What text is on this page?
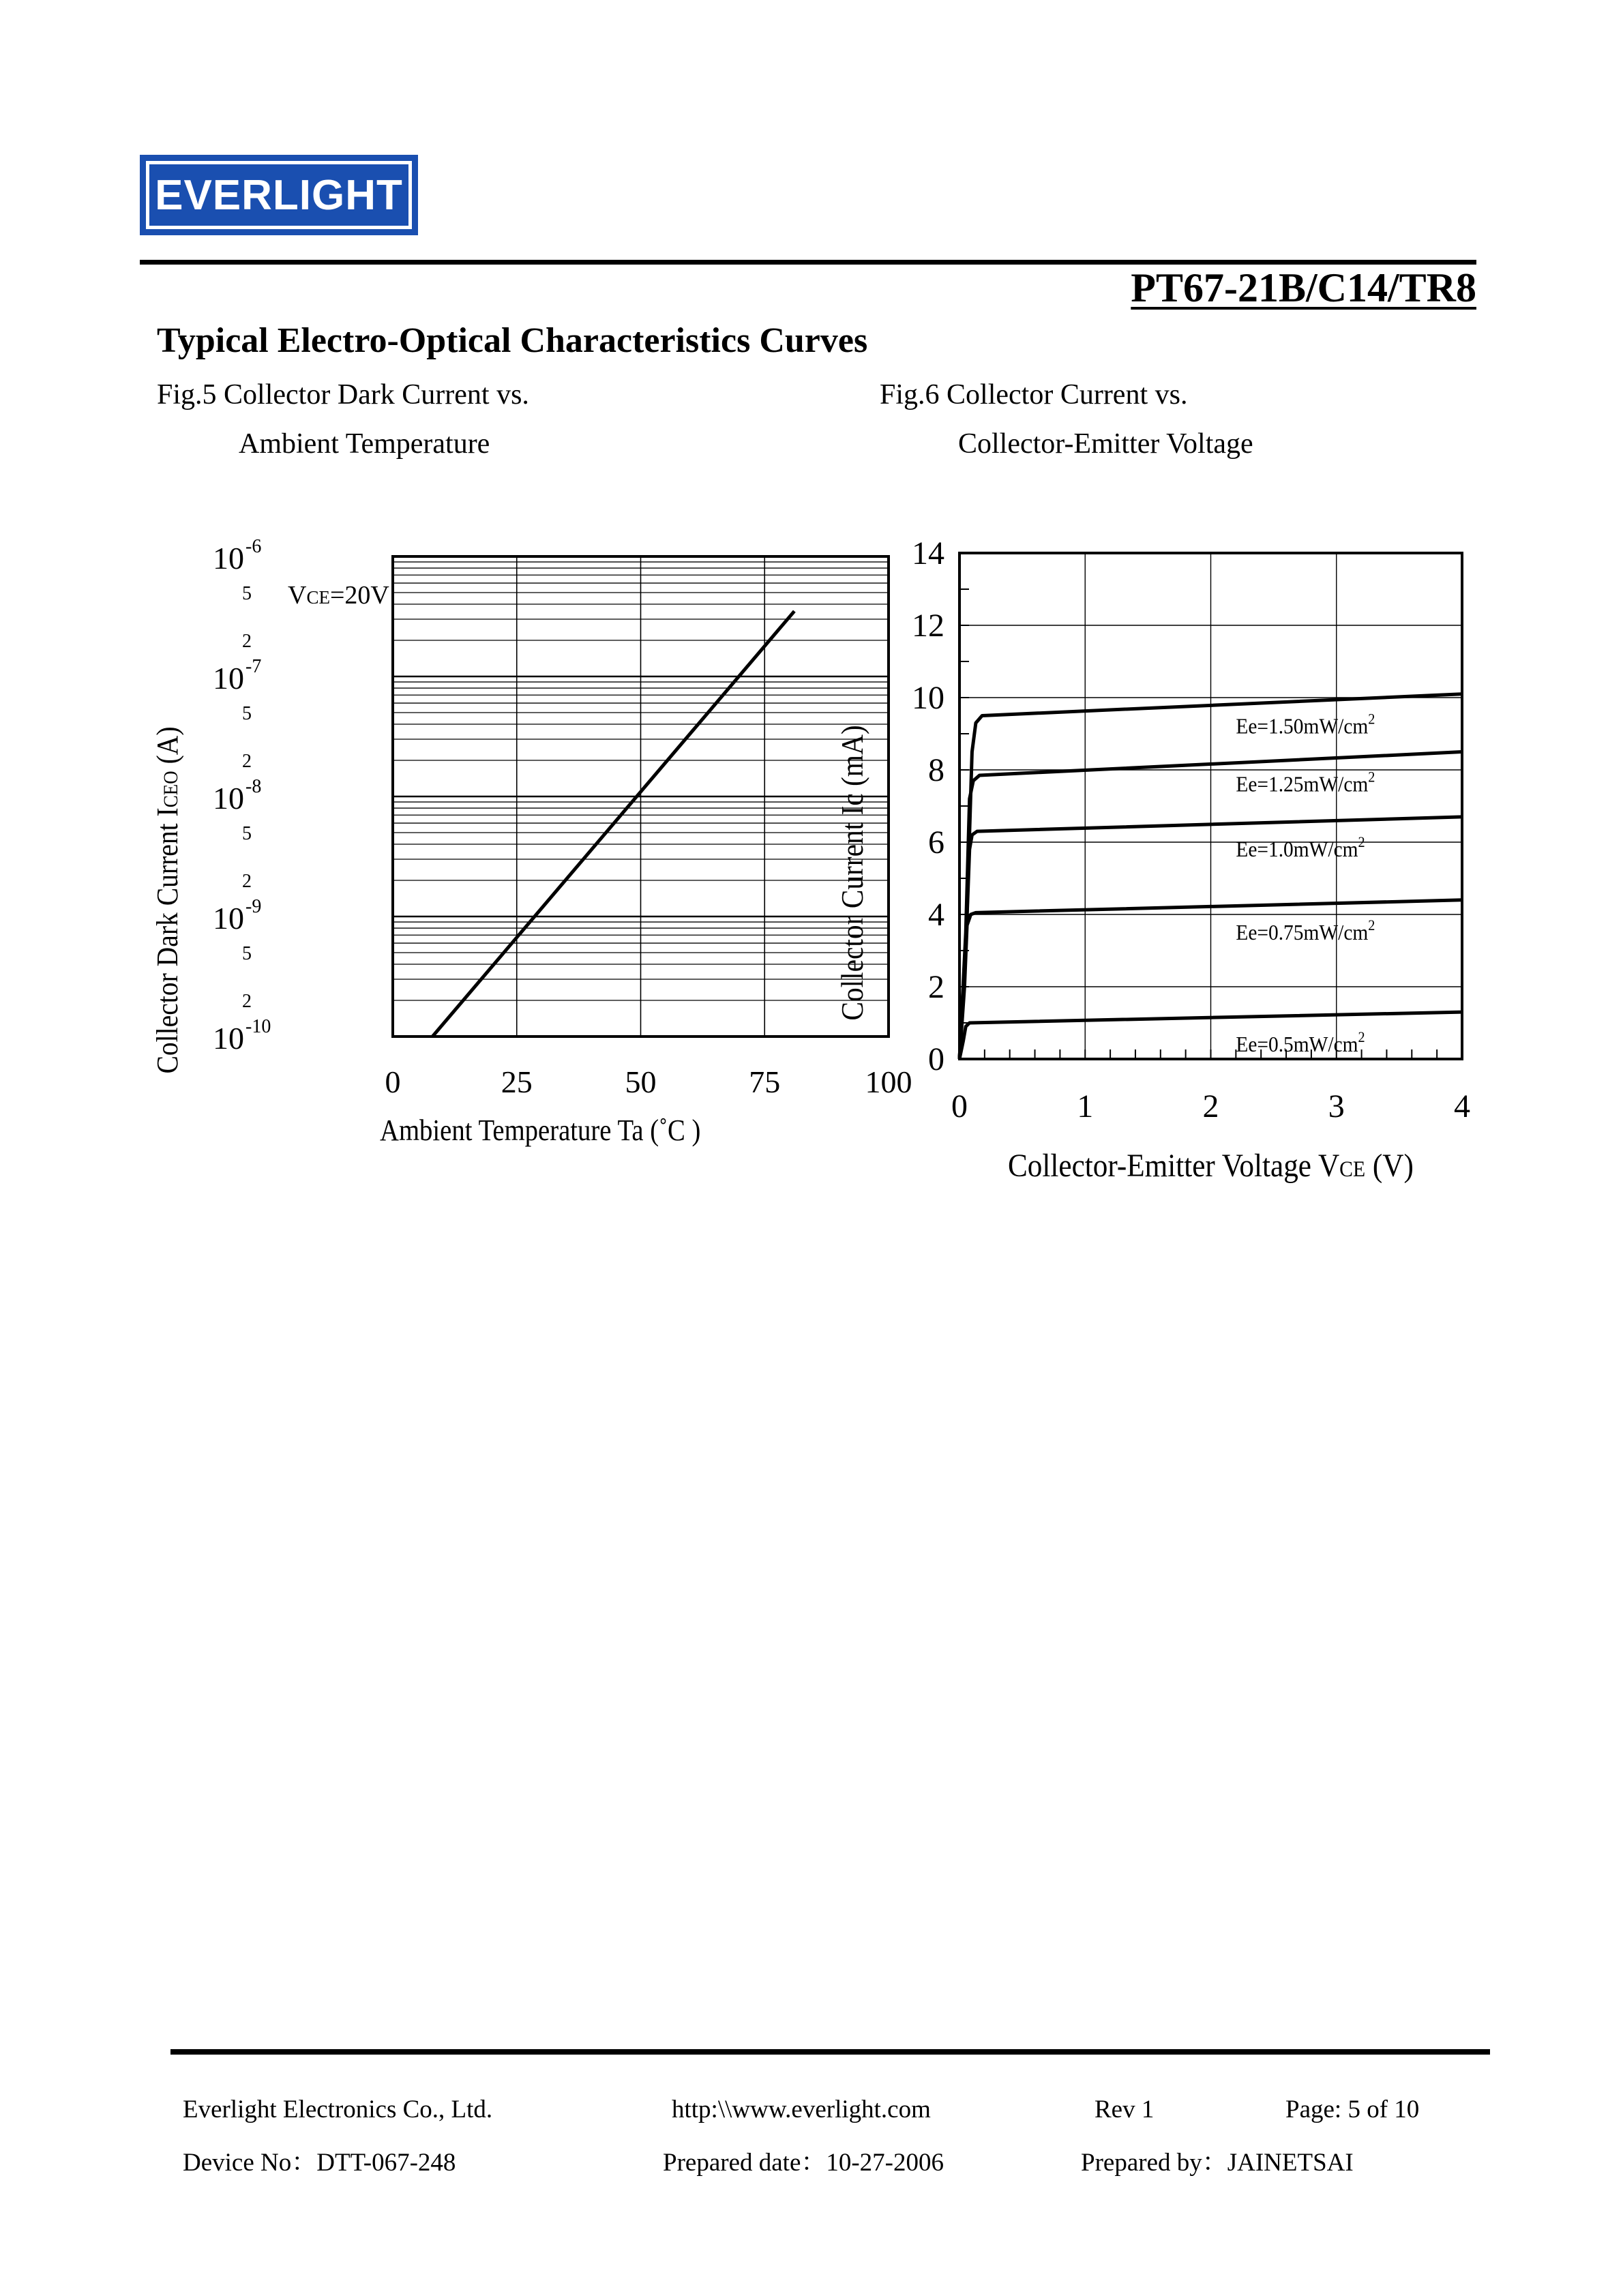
EVERLIGHT
PT67-21B/C14/TR8
Typical Electro-Optical Characteristics Curves
Fig.5 Collector Dark Current vs.
Ambient Temperature
Fig.6 Collector Current vs.
Collector-Emitter Voltage
10 -6
10 -7
10 -8
10 -9
10 -10
5
2
5
2
5
2
5
2
0	25	50	75	100
VCE=20V
Ambient Temperature Ta (˚C )
Collector Dark Current ICEO (A)
0
2
4
6
8
10
12
14
0	1	2	3	4
$Ee=1.50mW/cm^2$
$Ee=1.25mW/cm^2$
$Ee=1.0mW/cm^2$
$Ee=0.75mW/cm^2$
$Ee=0.5mW/cm^2$
Collector-Emitter Voltage VCE (V)
Collector Current Ic (mA)
Everlight Electronics Co., Ltd.	http:\\www.everlight.com	Rev 1	Page: 5 of 10
Device No：DTT-067-248	Prepared date：10-27-2006	Prepared by：JAINETSAI
